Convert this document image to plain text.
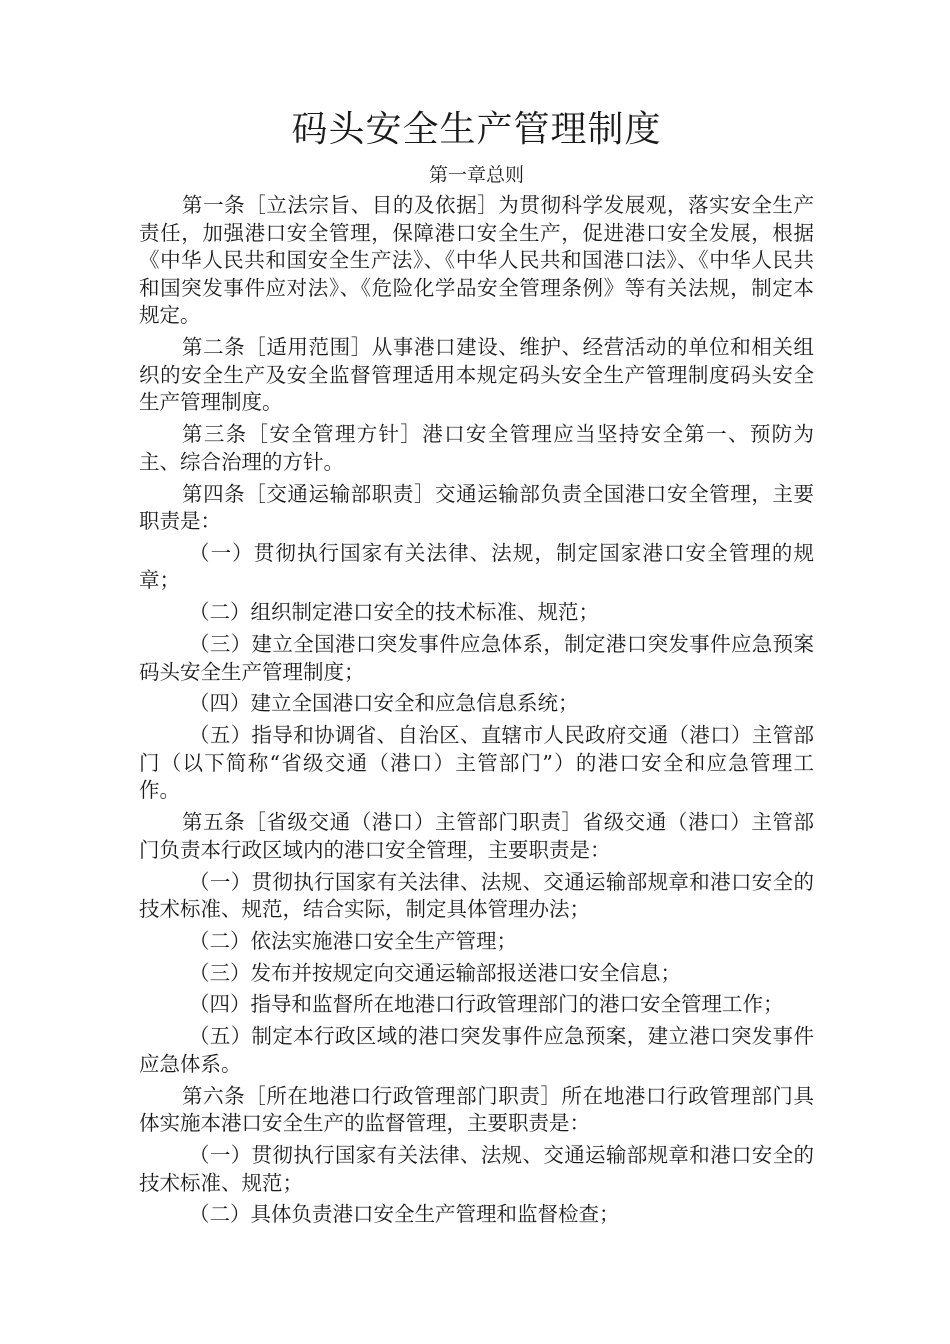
码头安全生产管理制度
第一章总则

第一条［立法宗旨、目的及依据］为贯彻科学发展观，落实安全生产责任，加强港口安全管理，保障港口安全生产，促进港口安全发展，根据《中华人民共和国安全生产法》、《中华人民共和国港口法》、《中华人民共和国突发事件应对法》、《危险化学品安全管理条例》等有关法规，制定本规定。

第二条［适用范围］从事港口建设、维护、经营活动的单位和相关组织的安全生产及安全监督管理适用本规定码头安全生产管理制度码头安全生产管理制度。

第三条［安全管理方针］港口安全管理应当坚持安全第一、预防为主、综合治理的方针。

第四条［交通运输部职责］交通运输部负责全国港口安全管理，主要职责是：

（一）贯彻执行国家有关法律、法规，制定国家港口安全管理的规章；

（二）组织制定港口安全的技术标准、规范；

（三）建立全国港口突发事件应急体系，制定港口突发事件应急预案码头安全生产管理制度；

（四）建立全国港口安全和应急信息系统；

（五）指导和协调省、自治区、直辖市人民政府交通（港口）主管部门（以下简称“省级交通（港口）主管部门”）的港口安全和应急管理工作。

第五条［省级交通（港口）主管部门职责］省级交通（港口）主管部门负责本行政区域内的港口安全管理，主要职责是：

（一）贯彻执行国家有关法律、法规、交通运输部规章和港口安全的技术标准、规范，结合实际，制定具体管理办法；

（二）依法实施港口安全生产管理；

（三）发布并按规定向交通运输部报送港口安全信息；

（四）指导和监督所在地港口行政管理部门的港口安全管理工作；

（五）制定本行政区域的港口突发事件应急预案，建立港口突发事件应急体系。

第六条［所在地港口行政管理部门职责］所在地港口行政管理部门具体实施本港口安全生产的监督管理，主要职责是：

（一）贯彻执行国家有关法律、法规、交通运输部规章和港口安全的技术标准、规范；

（二）具体负责港口安全生产管理和监督检查；
